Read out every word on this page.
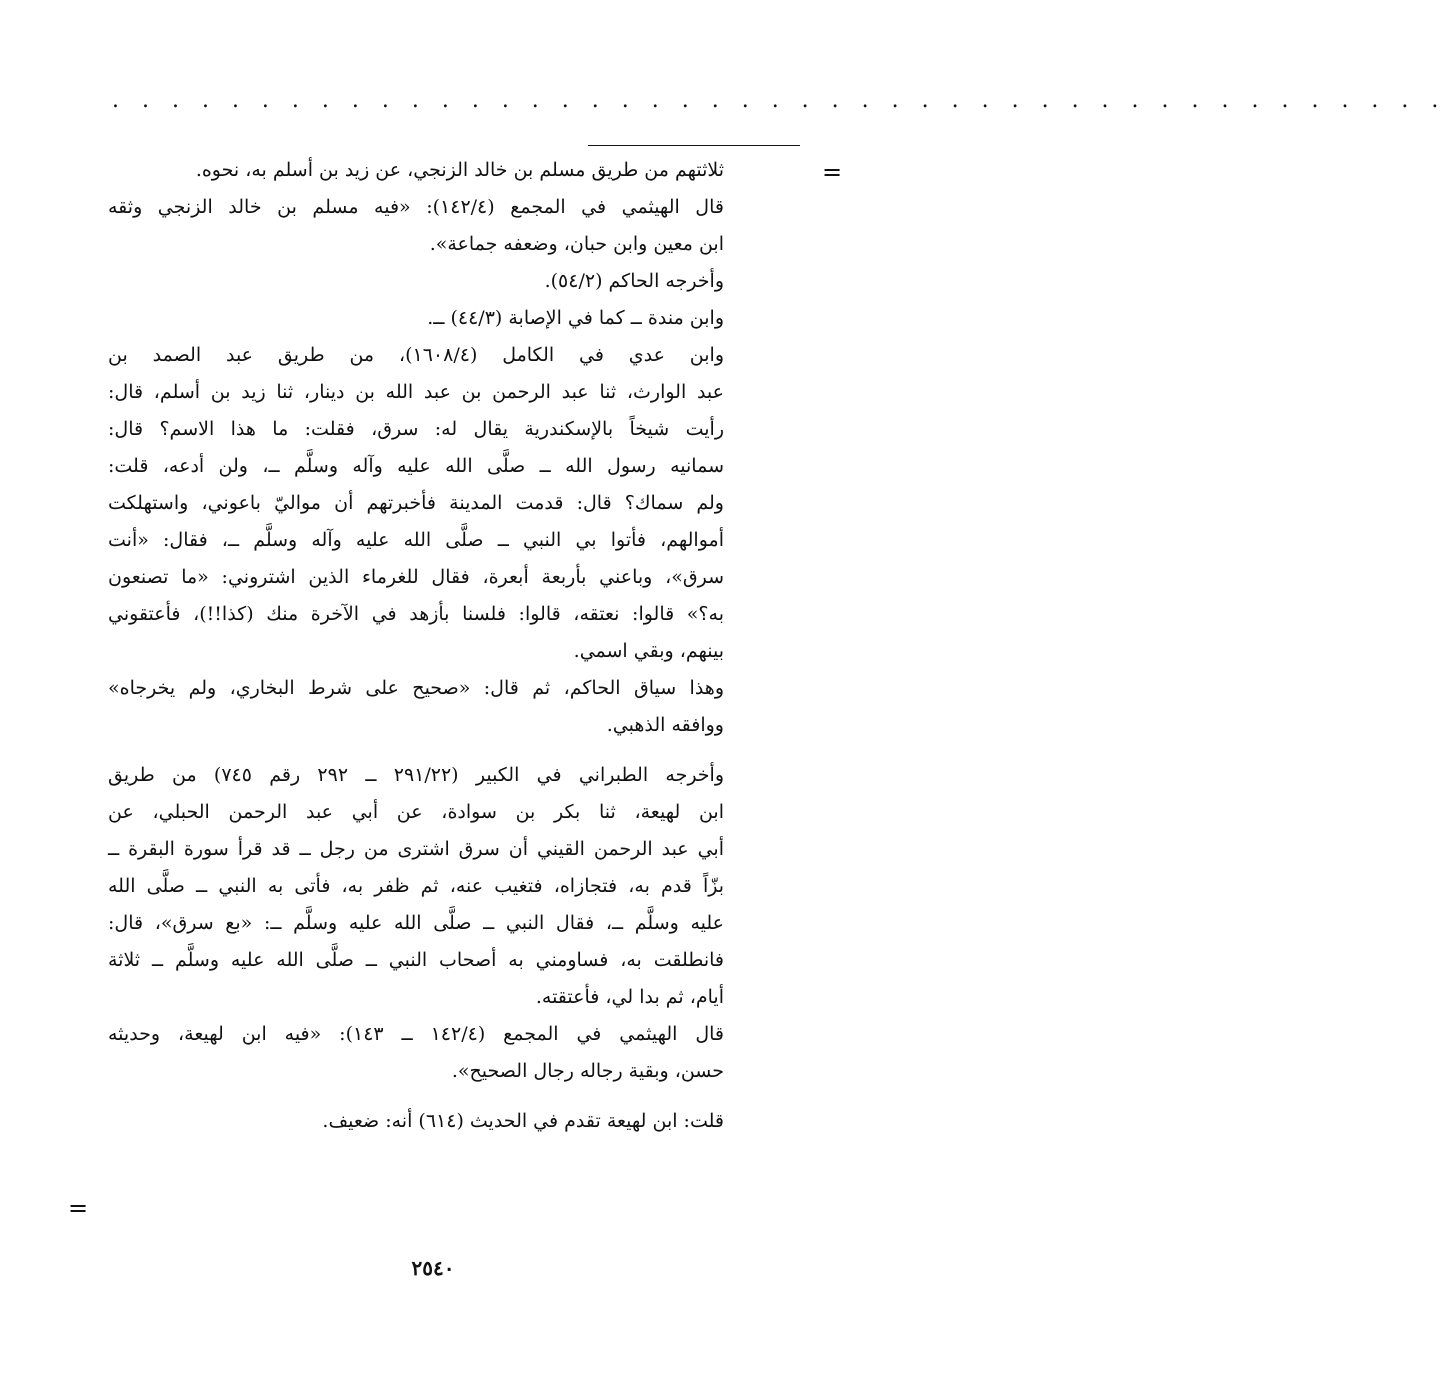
. . . . . . . . . . . . . . . . . . . . . . . . . . . . . . . . . . . . . . . . . . . . .
=
=
ثلاثتهم من طريق مسلم بن خالد الزنجي، عن زيد بن أسلم به، نحوه.
قال الهيثمي في المجمع (١٤٢/٤): «فيه مسلم بن خالد الزنجي وثقه
ابن معين وابن حبان، وضعفه جماعة».
وأخرجه الحاكم (٥٤/٢).
وابن مندة ــ كما في الإصابة (٤٤/٣) ــ.
وابن عدي في الكامل (١٦٠٨/٤)، من طريق عبد الصمد بن
عبد الوارث، ثنا عبد الرحمن بن عبد الله بن دينار، ثنا زيد بن أسلم، قال:
رأيت شيخاً بالإسكندرية يقال له: سرق، فقلت: ما هذا الاسم؟ قال:
سمانيه رسول الله ــ صلَّى الله عليه وآله وسلَّم ــ، ولن أدعه، قلت:
ولم سماك؟ قال: قدمت المدينة فأخبرتهم أن مواليّ باعوني، واستهلكت
أموالهم، فأتوا بي النبي ــ صلَّى الله عليه وآله وسلَّم ــ، فقال: «أنت
سرق»، وباعني بأربعة أبعرة، فقال للغرماء الذين اشتروني: «ما تصنعون
به؟» قالوا: نعتقه، قالوا: فلسنا بأزهد في الآخرة منك (كذا!!)، فأعتقوني
بينهم، وبقي اسمي.
وهذا سياق الحاكم، ثم قال: «صحيح على شرط البخاري، ولم يخرجاه»
ووافقه الذهبي.
وأخرجه الطبراني في الكبير (٢٩١/٢٢ ــ ٢٩٢ رقم ٧٤٥) من طريق
ابن لهيعة، ثنا بكر بن سوادة، عن أبي عبد الرحمن الحبلي، عن
أبي عبد الرحمن القيني أن سرق اشترى من رجل ــ قد قرأ سورة البقرة ــ
بزّاً قدم به، فتجازاه، فتغيب عنه، ثم ظفر به، فأتى به النبي ــ صلَّى الله
عليه وسلَّم ــ، فقال النبي ــ صلَّى الله عليه وسلَّم ــ: «بع سرق»، قال:
فانطلقت به، فساومني به أصحاب النبي ــ صلَّى الله عليه وسلَّم ــ ثلاثة
أيام، ثم بدا لي، فأعتقته.
قال الهيثمي في المجمع (١٤٢/٤ ــ ١٤٣): «فيه ابن لهيعة، وحديثه
حسن، وبقية رجاله رجال الصحيح».
قلت: ابن لهيعة تقدم في الحديث (٦١٤) أنه: ضعيف.
٢٥٤٠
